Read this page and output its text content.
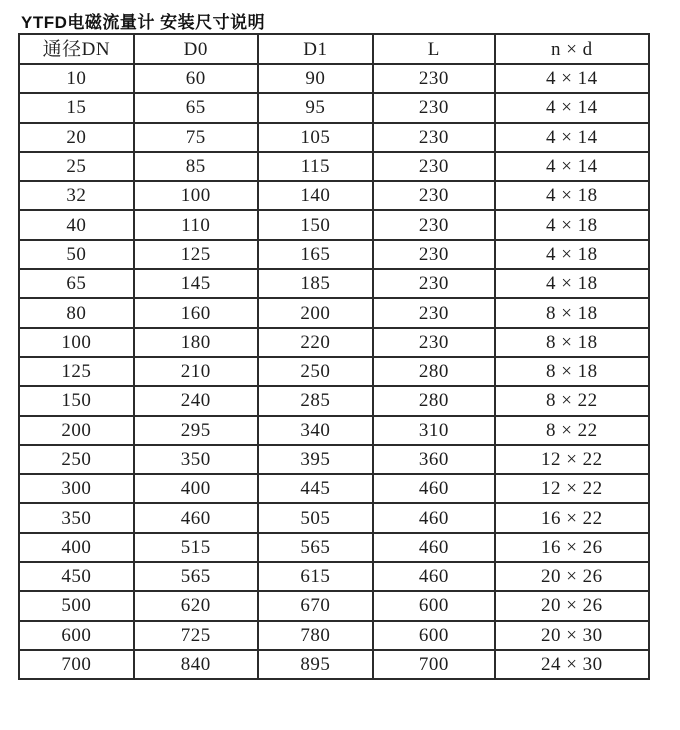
YTFD电磁流量计 安装尺寸说明
通径DN	D0	D1	L	n × d
10	60	90	230	4 × 14
15	65	95	230	4 × 14
20	75	105	230	4 × 14
25	85	115	230	4 × 14
32	100	140	230	4 × 18
40	110	150	230	4 × 18
50	125	165	230	4 × 18
65	145	185	230	4 × 18
80	160	200	230	8 × 18
100	180	220	230	8 × 18
125	210	250	280	8 × 18
150	240	285	280	8 × 22
200	295	340	310	8 × 22
250	350	395	360	12 × 22
300	400	445	460	12 × 22
350	460	505	460	16 × 22
400	515	565	460	16 × 26
450	565	615	460	20 × 26
500	620	670	600	20 × 26
600	725	780	600	20 × 30
700	840	895	700	24 × 30
